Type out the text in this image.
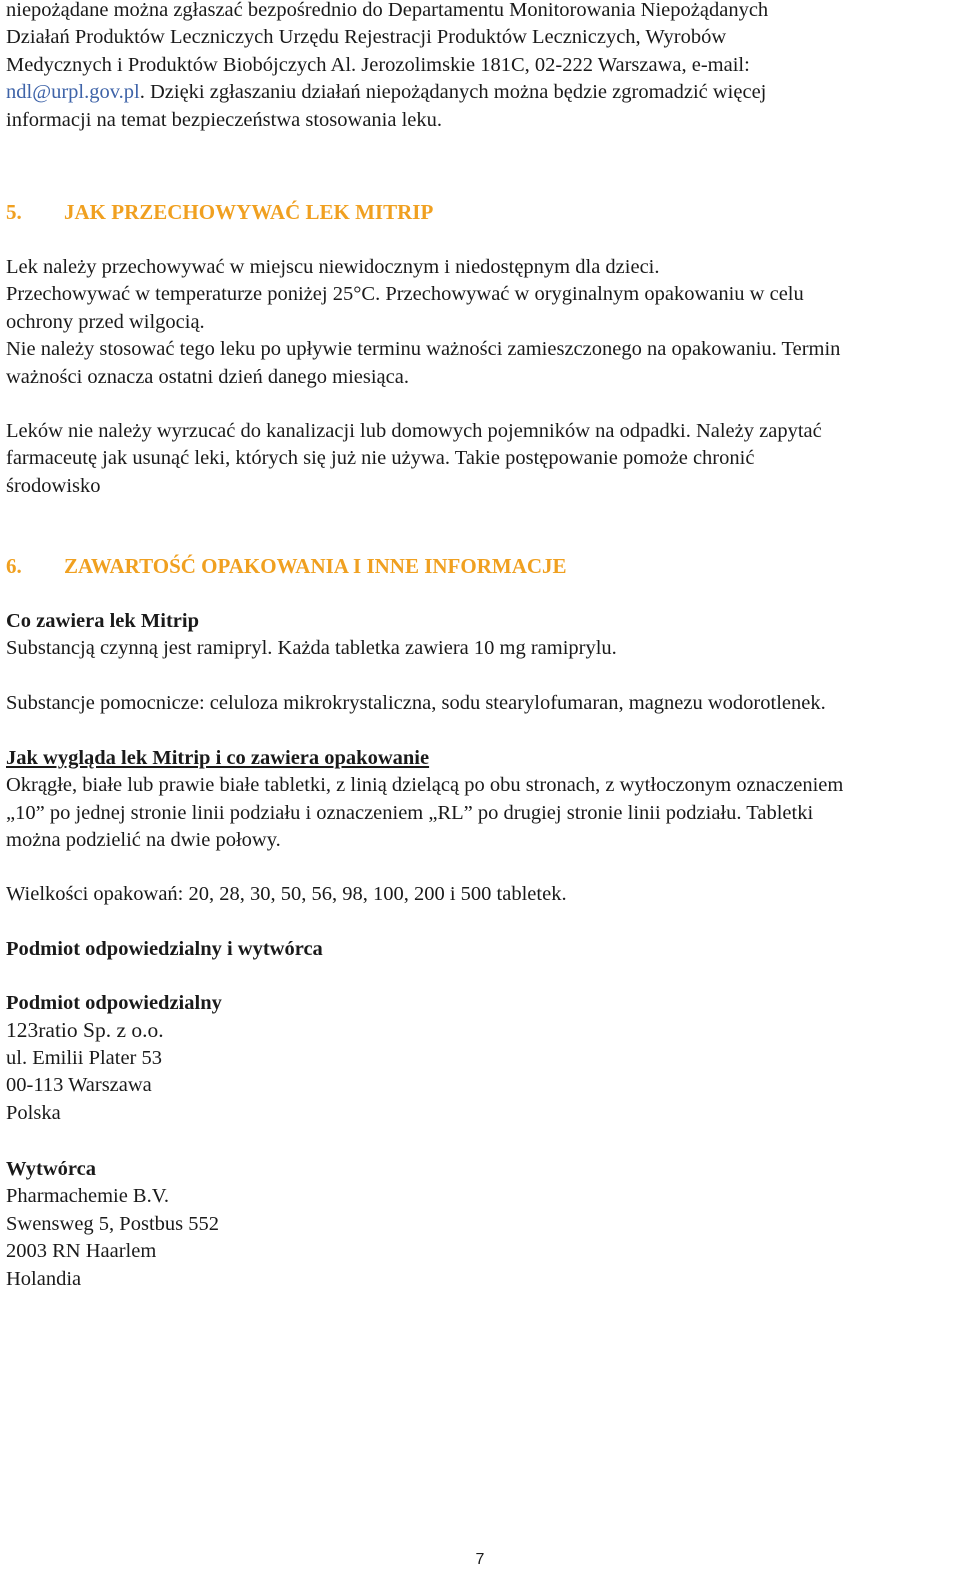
niepożądane można zgłaszać bezpośrednio do Departamentu Monitorowania Niepożądanych

Działań Produktów Leczniczych Urzędu Rejestracji Produktów Leczniczych, Wyrobów

Medycznych i Produktów Biobójczych Al. Jerozolimskie 181C, 02-222 Warszawa, e-mail:

ndl@urpl.gov.pl. Dzięki zgłaszaniu działań niepożądanych można będzie zgromadzić więcej

informacji na temat bezpieczeństwa stosowania leku.

5. JAK PRZECHOWYWAĆ LEK MITRIP

Lek należy przechowywać w miejscu niewidocznym i niedostępnym dla dzieci.

Przechowywać w temperaturze poniżej 25°C. Przechowywać w oryginalnym opakowaniu w celu

ochrony przed wilgocią.

Nie należy stosować tego leku po upływie terminu ważności zamieszczonego na opakowaniu. Termin

ważności oznacza ostatni dzień danego miesiąca.

Leków nie należy wyrzucać do kanalizacji lub domowych pojemników na odpadki. Należy zapytać

farmaceutę jak usunąć leki, których się już nie używa. Takie postępowanie pomoże chronić

środowisko

6. ZAWARTOŚĆ OPAKOWANIA I INNE INFORMACJE

Co zawiera lek Mitrip

Substancją czynną jest ramipryl. Każda tabletka zawiera 10 mg ramiprylu.

Substancje pomocnicze: celuloza mikrokrystaliczna, sodu stearylofumaran, magnezu wodorotlenek.

Jak wygląda lek Mitrip i co zawiera opakowanie

Okrągłe, białe lub prawie białe tabletki, z linią dzielącą po obu stronach, z wytłoczonym oznaczeniem

„10” po jednej stronie linii podziału i oznaczeniem „RL” po drugiej stronie linii podziału. Tabletki

można podzielić na dwie połowy.

Wielkości opakowań: 20, 28, 30, 50, 56, 98, 100, 200 i 500 tabletek.

Podmiot odpowiedzialny i wytwórca

Podmiot odpowiedzialny

123ratio Sp. z o.o.

ul. Emilii Plater 53

00-113 Warszawa

Polska

Wytwórca

Pharmachemie B.V.

Swensweg 5, Postbus 552

2003 RN Haarlem

Holandia

7
